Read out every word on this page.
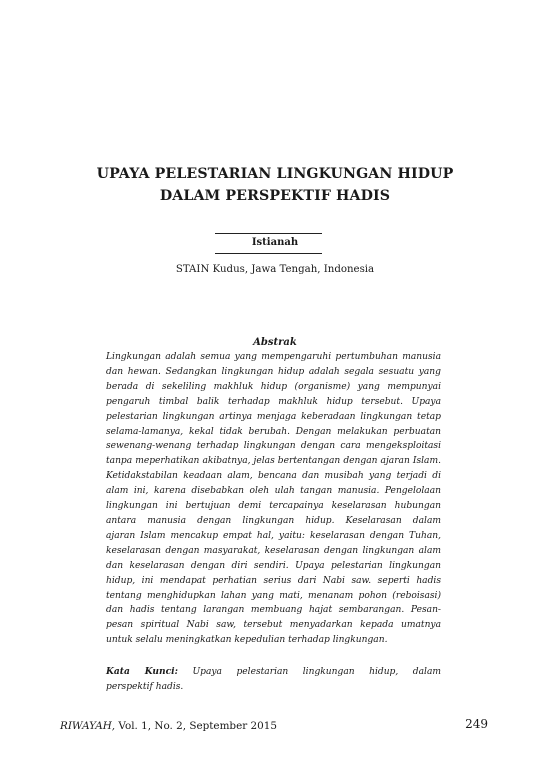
UPAYA PELESTARIAN LINGKUNGAN HIDUP
DALAM PERSPEKTIF HADIS
Istianah
STAIN Kudus, Jawa Tengah, Indonesia
Abstrak

Lingkungan adalah semua yang mempengaruhi pertumbuhan manusia
dan hewan. Sedangkan lingkungan hidup adalah segala sesuatu yang
berada di sekeliling makhluk hidup (organisme) yang mempunyai
pengaruh timbal balik terhadap makhluk hidup tersebut. Upaya
pelestarian lingkungan artinya menjaga keberadaan lingkungan tetap
selama-lamanya, kekal tidak berubah. Dengan melakukan perbuatan
sewenang-wenang terhadap lingkungan dengan cara mengeksploitasi
tanpa meperhatikan akibatnya, jelas bertentangan dengan ajaran Islam.
Ketidakstabilan keadaan alam, bencana dan musibah yang terjadi di
alam ini, karena disebabkan oleh ulah tangan manusia. Pengelolaan
lingkungan ini bertujuan demi tercapainya keselarasan hubungan
antara manusia dengan lingkungan hidup. Keselarasan dalam
ajaran Islam mencakup empat hal, yaitu: keselarasan dengan Tuhan,
keselarasan dengan masyarakat, keselarasan dengan lingkungan alam
dan keselarasan dengan diri sendiri. Upaya pelestarian lingkungan
hidup, ini mendapat perhatian serius dari Nabi saw. seperti hadis
tentang menghidupkan lahan yang mati, menanam pohon (reboisasi)
dan hadis tentang larangan membuang hajat sembarangan. Pesan-
pesan spiritual Nabi saw, tersebut menyadarkan kepada umatnya
untuk selalu meningkatkan kepedulian terhadap lingkungan.

Kata Kunci: Upaya pelestarian lingkungan hidup, dalam
perspektif hadis.

RIWAYAH, Vol. 1, No. 2, September 2015	249
